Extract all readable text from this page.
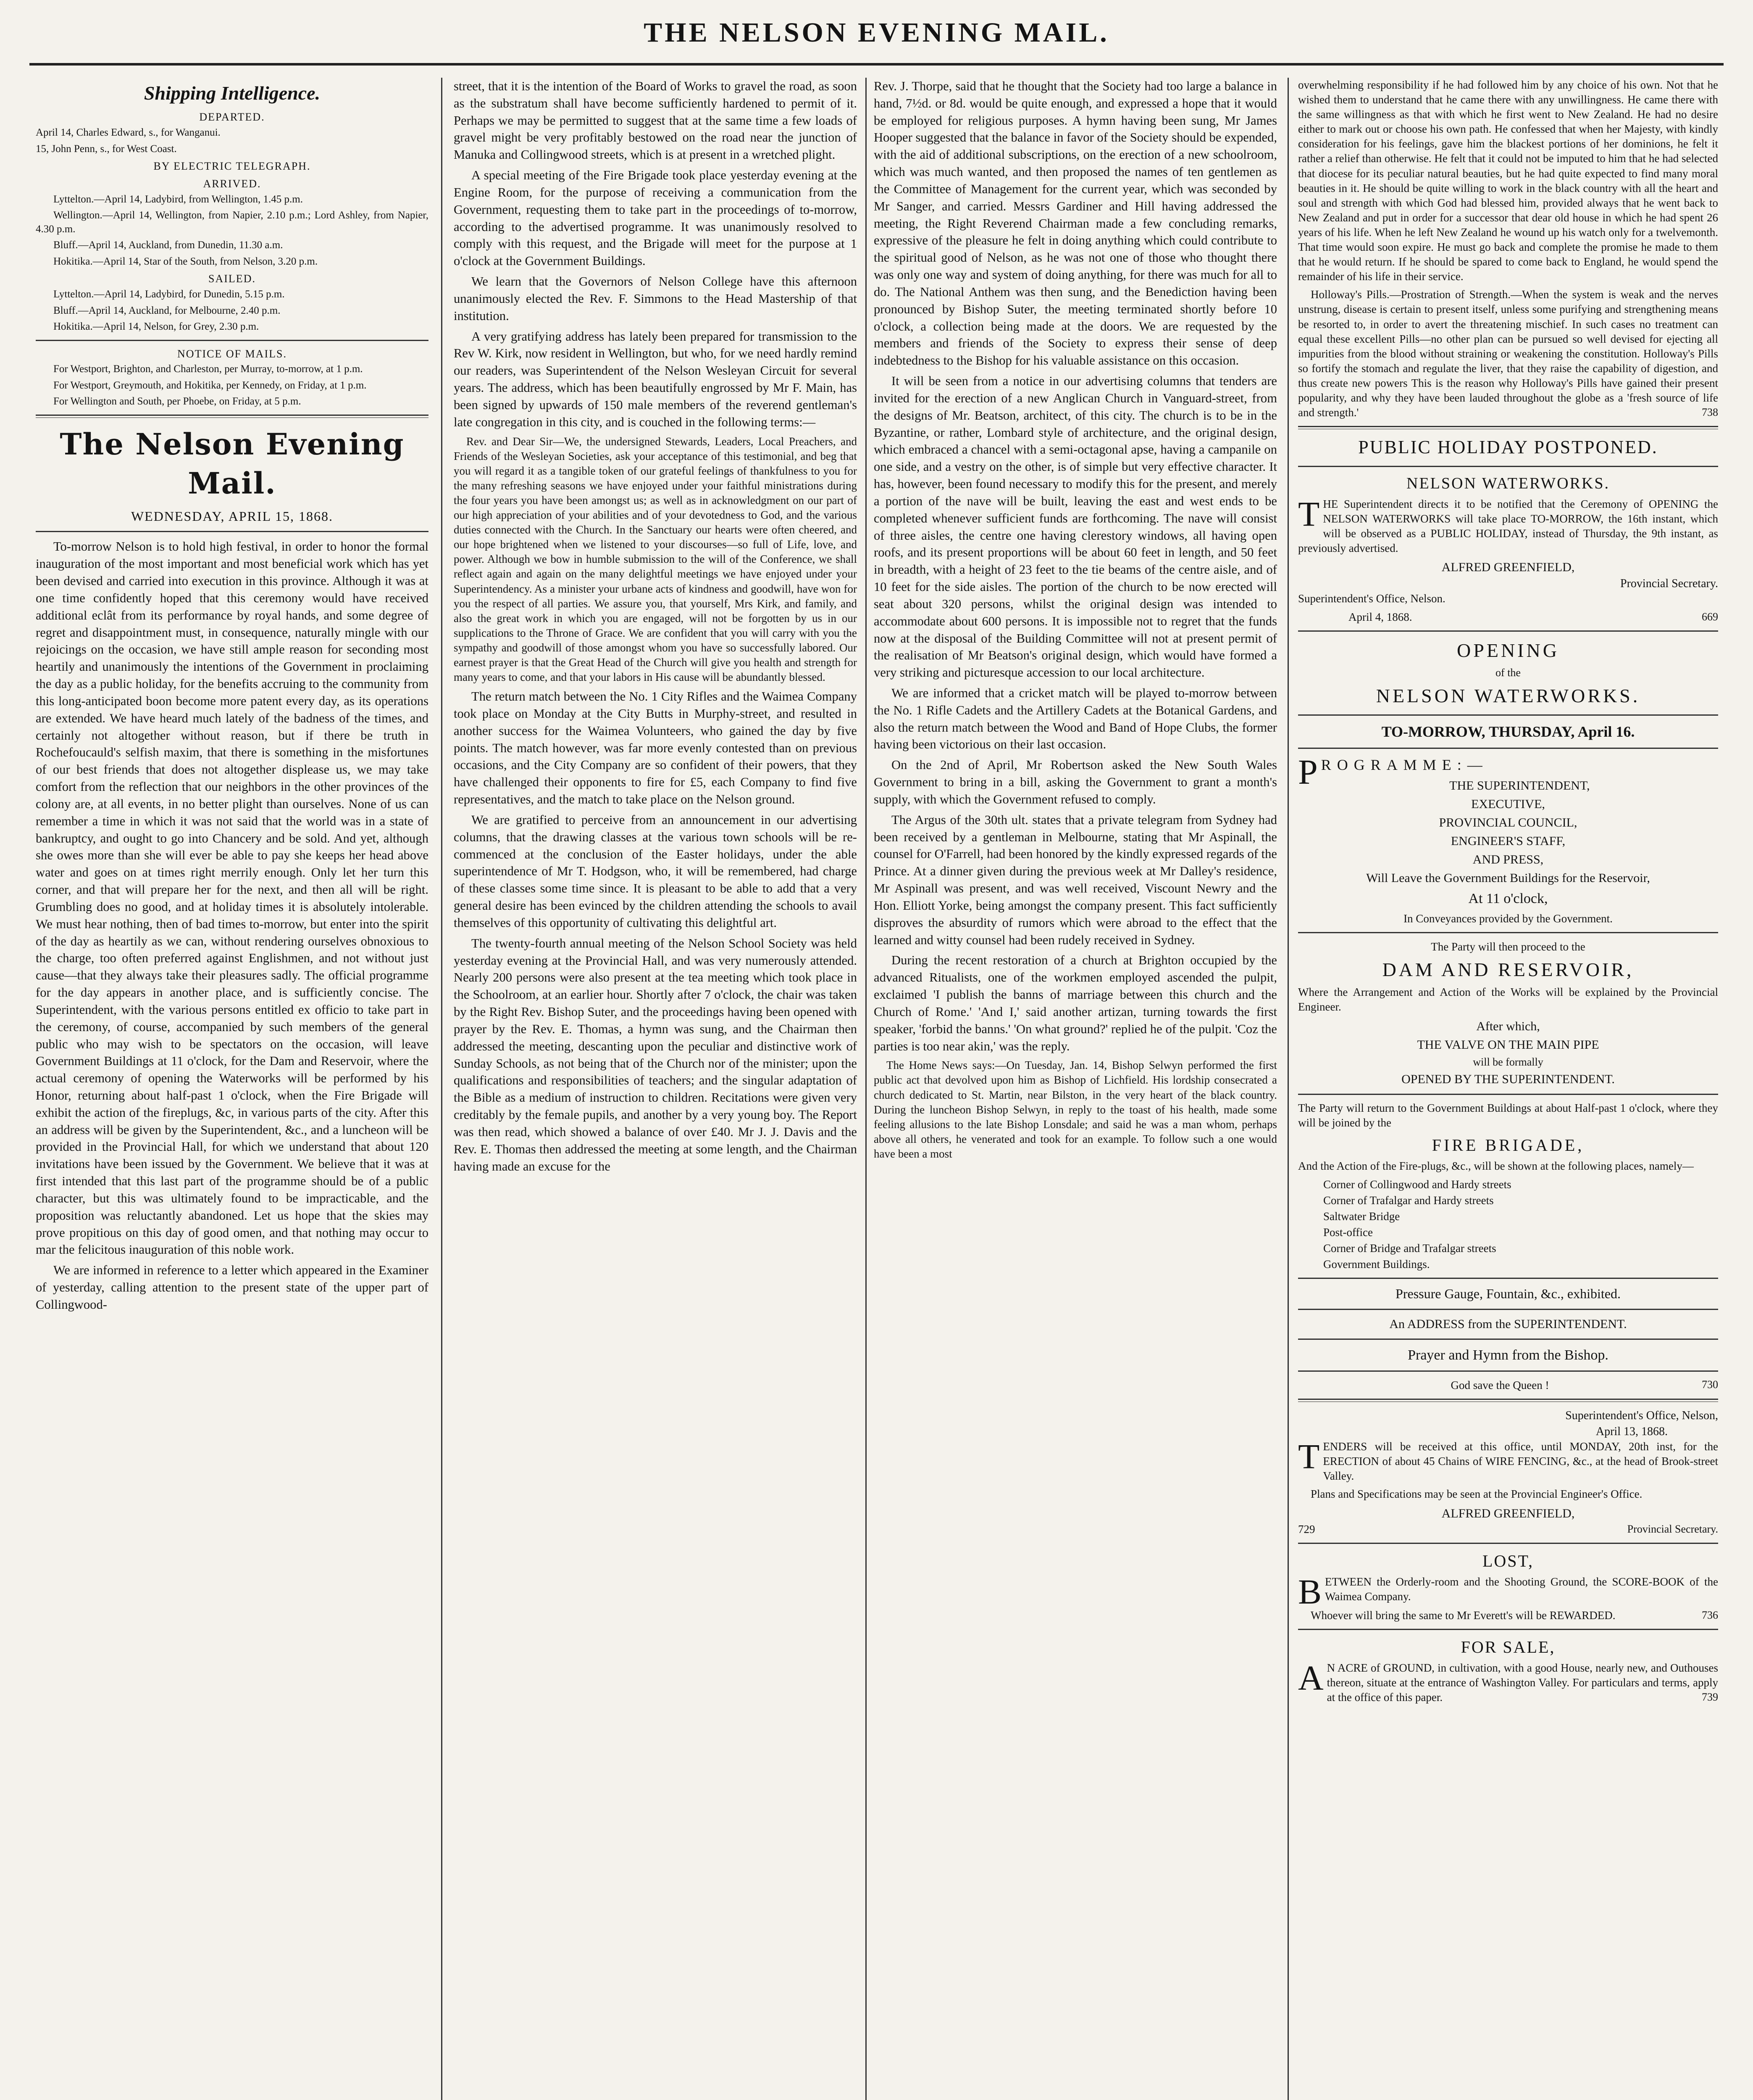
THE NELSON EVENING MAIL.
Shipping Intelligence.
DEPARTED.

April 14, Charles Edward, s., for Wanganui.

15, John Penn, s., for West Coast.

BY ELECTRIC TELEGRAPH.
ARRIVED.

Lyttelton.—April 14, Ladybird, from Wellington, 1.45 p.m.

Wellington.—April 14, Wellington, from Napier, 2.10 p.m.; Lord Ashley, from Napier, 4.30 p.m.

Bluff.—April 14, Auckland, from Dunedin, 11.30 a.m.

Hokitika.—April 14, Star of the South, from Nelson, 3.20 p.m.

SAILED.

Lyttelton.—April 14, Ladybird, for Dunedin, 5.15 p.m.

Bluff.—April 14, Auckland, for Melbourne, 2.40 p.m.

Hokitika.—April 14, Nelson, for Grey, 2.30 p.m.

NOTICE OF MAILS.

For Westport, Brighton, and Charleston, per Murray, to-morrow, at 1 p.m.

For Westport, Greymouth, and Hokitika, per Kennedy, on Friday, at 1 p.m.

For Wellington and South, per Phoebe, on Friday, at 5 p.m.

The Nelson Evening Mail.
WEDNESDAY, APRIL 15, 1868.

To-morrow Nelson is to hold high festival, in order to honor the formal inauguration of the most important and most beneficial work which has yet been devised and carried into execution in this province. Although it was at one time confidently hoped that this ceremony would have received additional eclât from its performance by royal hands, and some degree of regret and disappointment must, in consequence, naturally mingle with our rejoicings on the occasion, we have still ample reason for seconding most heartily and unanimously the intentions of the Government in proclaiming the day as a public holiday, for the benefits accruing to the community from this long-anticipated boon become more patent every day, as its operations are extended. We have heard much lately of the badness of the times, and certainly not altogether without reason, but if there be truth in Rochefoucauld's selfish maxim, that there is something in the misfortunes of our best friends that does not altogether displease us, we may take comfort from the reflection that our neighbors in the other provinces of the colony are, at all events, in no better plight than ourselves. None of us can remember a time in which it was not said that the world was in a state of bankruptcy, and ought to go into Chancery and be sold. And yet, although she owes more than she will ever be able to pay she keeps her head above water and goes on at times right merrily enough. Only let her turn this corner, and that will prepare her for the next, and then all will be right. Grumbling does no good, and at holiday times it is absolutely intolerable. We must hear nothing, then of bad times to-morrow, but enter into the spirit of the day as heartily as we can, without rendering ourselves obnoxious to the charge, too often preferred against Englishmen, and not without just cause—that they always take their pleasures sadly. The official programme for the day appears in another place, and is sufficiently concise. The Superintendent, with the various persons entitled ex officio to take part in the ceremony, of course, accompanied by such members of the general public who may wish to be spectators on the occasion, will leave Government Buildings at 11 o'clock, for the Dam and Reservoir, where the actual ceremony of opening the Waterworks will be performed by his Honor, returning about half-past 1 o'clock, when the Fire Brigade will exhibit the action of the fireplugs, &c, in various parts of the city. After this an address will be given by the Superintendent, &c., and a luncheon will be provided in the Provincial Hall, for which we understand that about 120 invitations have been issued by the Government. We believe that it was at first intended that this last part of the programme should be of a public character, but this was ultimately found to be impracticable, and the proposition was reluctantly abandoned. Let us hope that the skies may prove propitious on this day of good omen, and that nothing may occur to mar the felicitous inauguration of this noble work.

We are informed in reference to a letter which appeared in the Examiner of yesterday, calling attention to the present state of the upper part of Collingwood-

street, that it is the intention of the Board of Works to gravel the road, as soon as the substratum shall have become sufficiently hardened to permit of it. Perhaps we may be permitted to suggest that at the same time a few loads of gravel might be very profitably bestowed on the road near the junction of Manuka and Collingwood streets, which is at present in a wretched plight.

A special meeting of the Fire Brigade took place yesterday evening at the Engine Room, for the purpose of receiving a communication from the Government, requesting them to take part in the proceedings of to-morrow, according to the advertised programme. It was unanimously resolved to comply with this request, and the Brigade will meet for the purpose at 1 o'clock at the Government Buildings.

We learn that the Governors of Nelson College have this afternoon unanimously elected the Rev. F. Simmons to the Head Mastership of that institution.

A very gratifying address has lately been prepared for transmission to the Rev W. Kirk, now resident in Wellington, but who, for we need hardly remind our readers, was Superintendent of the Nelson Wesleyan Circuit for several years. The address, which has been beautifully engrossed by Mr F. Main, has been signed by upwards of 150 male members of the reverend gentleman's late congregation in this city, and is couched in the following terms:—

Rev. and Dear Sir—We, the undersigned Stewards, Leaders, Local Preachers, and Friends of the Wesleyan Societies, ask your acceptance of this testimonial, and beg that you will regard it as a tangible token of our grateful feelings of thankfulness to you for the many refreshing seasons we have enjoyed under your faithful ministrations during the four years you have been amongst us; as well as in acknowledgment on our part of our high appreciation of your abilities and of your devotedness to God, and the various duties connected with the Church. In the Sanctuary our hearts were often cheered, and our hope brightened when we listened to your discourses—so full of Life, love, and power. Although we bow in humble submission to the will of the Conference, we shall reflect again and again on the many delightful meetings we have enjoyed under your Superintendency. As a minister your urbane acts of kindness and goodwill, have won for you the respect of all parties. We assure you, that yourself, Mrs Kirk, and family, and also the great work in which you are engaged, will not be forgotten by us in our supplications to the Throne of Grace. We are confident that you will carry with you the sympathy and goodwill of those amongst whom you have so successfully labored. Our earnest prayer is that the Great Head of the Church will give you health and strength for many years to come, and that your labors in His cause will be abundantly blessed.

The return match between the No. 1 City Rifles and the Waimea Company took place on Monday at the City Butts in Murphy-street, and resulted in another success for the Waimea Volunteers, who gained the day by five points. The match however, was far more evenly contested than on previous occasions, and the City Company are so confident of their powers, that they have challenged their opponents to fire for £5, each Company to find five representatives, and the match to take place on the Nelson ground.

We are gratified to perceive from an announcement in our advertising columns, that the drawing classes at the various town schools will be re-commenced at the conclusion of the Easter holidays, under the able superintendence of Mr T. Hodgson, who, it will be remembered, had charge of these classes some time since. It is pleasant to be able to add that a very general desire has been evinced by the children attending the schools to avail themselves of this opportunity of cultivating this delightful art.

The twenty-fourth annual meeting of the Nelson School Society was held yesterday evening at the Provincial Hall, and was very numerously attended. Nearly 200 persons were also present at the tea meeting which took place in the Schoolroom, at an earlier hour. Shortly after 7 o'clock, the chair was taken by the Right Rev. Bishop Suter, and the proceedings having been opened with prayer by the Rev. E. Thomas, a hymn was sung, and the Chairman then addressed the meeting, descanting upon the peculiar and distinctive work of Sunday Schools, as not being that of the Church nor of the minister; upon the qualifications and responsibilities of teachers; and the singular adaptation of the Bible as a medium of instruction to children. Recitations were given very creditably by the female pupils, and another by a very young boy. The Report was then read, which showed a balance of over £40. Mr J. J. Davis and the Rev. E. Thomas then addressed the meeting at some length, and the Chairman having made an excuse for the

Rev. J. Thorpe, said that he thought that the Society had too large a balance in hand, 7½d. or 8d. would be quite enough, and expressed a hope that it would be employed for religious purposes. A hymn having been sung, Mr James Hooper suggested that the balance in favor of the Society should be expended, with the aid of additional subscriptions, on the erection of a new schoolroom, which was much wanted, and then proposed the names of ten gentlemen as the Committee of Management for the current year, which was seconded by Mr Sanger, and carried. Messrs Gardiner and Hill having addressed the meeting, the Right Reverend Chairman made a few concluding remarks, expressive of the pleasure he felt in doing anything which could contribute to the spiritual good of Nelson, as he was not one of those who thought there was only one way and system of doing anything, for there was much for all to do. The National Anthem was then sung, and the Benediction having been pronounced by Bishop Suter, the meeting terminated shortly before 10 o'clock, a collection being made at the doors. We are requested by the members and friends of the Society to express their sense of deep indebtedness to the Bishop for his valuable assistance on this occasion.

It will be seen from a notice in our advertising columns that tenders are invited for the erection of a new Anglican Church in Vanguard-street, from the designs of Mr. Beatson, architect, of this city. The church is to be in the Byzantine, or rather, Lombard style of architecture, and the original design, which embraced a chancel with a semi-octagonal apse, having a campanile on one side, and a vestry on the other, is of simple but very effective character. It has, however, been found necessary to modify this for the present, and merely a portion of the nave will be built, leaving the east and west ends to be completed whenever sufficient funds are forthcoming. The nave will consist of three aisles, the centre one having clerestory windows, all having open roofs, and its present proportions will be about 60 feet in length, and 50 feet in breadth, with a height of 23 feet to the tie beams of the centre aisle, and of 10 feet for the side aisles. The portion of the church to be now erected will seat about 320 persons, whilst the original design was intended to accommodate about 600 persons. It is impossible not to regret that the funds now at the disposal of the Building Committee will not at present permit of the realisation of Mr Beatson's original design, which would have formed a very striking and picturesque accession to our local architecture.

We are informed that a cricket match will be played to-morrow between the No. 1 Rifle Cadets and the Artillery Cadets at the Botanical Gardens, and also the return match between the Wood and Band of Hope Clubs, the former having been victorious on their last occasion.

On the 2nd of April, Mr Robertson asked the New South Wales Government to bring in a bill, asking the Government to grant a month's supply, with which the Government refused to comply.

The Argus of the 30th ult. states that a private telegram from Sydney had been received by a gentleman in Melbourne, stating that Mr Aspinall, the counsel for O'Farrell, had been honored by the kindly expressed regards of the Prince. At a dinner given during the previous week at Mr Dalley's residence, Mr Aspinall was present, and was well received, Viscount Newry and the Hon. Elliott Yorke, being amongst the company present. This fact sufficiently disproves the absurdity of rumors which were abroad to the effect that the learned and witty counsel had been rudely received in Sydney.

During the recent restoration of a church at Brighton occupied by the advanced Ritualists, one of the workmen employed ascended the pulpit, exclaimed 'I publish the banns of marriage between this church and the Church of Rome.' 'And I,' said another artizan, turning towards the first speaker, 'forbid the banns.' 'On what ground?' replied he of the pulpit. 'Coz the parties is too near akin,' was the reply.

The Home News says:—On Tuesday, Jan. 14, Bishop Selwyn performed the first public act that devolved upon him as Bishop of Lichfield. His lordship consecrated a church dedicated to St. Martin, near Bilston, in the very heart of the black country. During the luncheon Bishop Selwyn, in reply to the toast of his health, made some feeling allusions to the late Bishop Lonsdale; and said he was a man whom, perhaps above all others, he venerated and took for an example. To follow such a one would have been a most

overwhelming responsibility if he had followed him by any choice of his own. Not that he wished them to understand that he came there with any unwillingness. He came there with the same willingness as that with which he first went to New Zealand. He had no desire either to mark out or choose his own path. He confessed that when her Majesty, with kindly consideration for his feelings, gave him the blackest portions of her dominions, he felt it rather a relief than otherwise. He felt that it could not be imputed to him that he had selected that diocese for its peculiar natural beauties, but he had quite expected to find many moral beauties in it. He should be quite willing to work in the black country with all the heart and soul and strength with which God had blessed him, provided always that he went back to New Zealand and put in order for a successor that dear old house in which he had spent 26 years of his life. When he left New Zealand he wound up his watch only for a twelvemonth. That time would soon expire. He must go back and complete the promise he made to them that he would return. If he should be spared to come back to England, he would spend the remainder of his life in their service.

Holloway's Pills.—Prostration of Strength.—When the system is weak and the nerves unstrung, disease is certain to present itself, unless some purifying and strengthening means be resorted to, in order to avert the threatening mischief. In such cases no treatment can equal these excellent Pills—no other plan can be pursued so well devised for ejecting all impurities from the blood without straining or weakening the constitution. Holloway's Pills so fortify the stomach and regulate the liver, that they raise the capability of digestion, and thus create new powers This is the reason why Holloway's Pills have gained their present popularity, and why they have been lauded throughout the globe as a 'fresh source of life and strength.'	738

PUBLIC HOLIDAY POSTPONED.
NELSON WATERWORKS.

THE Superintendent directs it to be notified that the Ceremony of OPENING the NELSON WATERWORKS will take place TO-MORROW, the 16th instant, which will be observed as a PUBLIC HOLIDAY, instead of Thursday, the 9th instant, as previously advertised.

ALFRED GREENFIELD,
Provincial Secretary.

Superintendent's Office, Nelson.

April 4, 1868.	669
OPENING
of the
NELSON WATERWORKS.
TO-MORROW, THURSDAY, April 16.
P ROGRAMME:—
THE SUPERINTENDENT,
EXECUTIVE,
PROVINCIAL COUNCIL,
ENGINEER'S STAFF,
AND PRESS,
Will Leave the Government Buildings for the Reservoir,
At 11 o'clock,
In Conveyances provided by the Government.
The Party will then proceed to the
DAM AND RESERVOIR,

Where the Arrangement and Action of the Works will be explained by the Provincial Engineer.

After which,
THE VALVE ON THE MAIN PIPE
will be formally
OPENED BY THE SUPERINTENDENT.

The Party will return to the Government Buildings at about Half-past 1 o'clock, where they will be joined by the

FIRE BRIGADE,

And the Action of the Fire-plugs, &c., will be shown at the following places, namely—

Corner of Collingwood and Hardy streets
Corner of Trafalgar and Hardy streets
Saltwater Bridge
Post-office
Corner of Bridge and Trafalgar streets
Government Buildings.
Pressure Gauge, Fountain, &c., exhibited.
An ADDRESS from the SUPERINTENDENT.
Prayer and Hymn from the Bishop.
God save the Queen !	730
Superintendent's Office, Nelson,
April 13, 1868.

TENDERS will be received at this office, until MONDAY, 20th inst, for the ERECTION of about 45 Chains of WIRE FENCING, &c., at the head of Brook-street Valley.

Plans and Specifications may be seen at the Provincial Engineer's Office.

ALFRED GREENFIELD,
729	Provincial Secretary.
LOST,

BETWEEN the Orderly-room and the Shooting Ground, the SCORE-BOOK of the Waimea Company.

Whoever will bring the same to Mr Everett's will be REWARDED.	736

FOR SALE,

A N ACRE of GROUND, in cultivation, with a good House, nearly new, and Outhouses thereon, situate at the entrance of Washington Valley. For particulars and terms, apply at the office of this paper.	739
